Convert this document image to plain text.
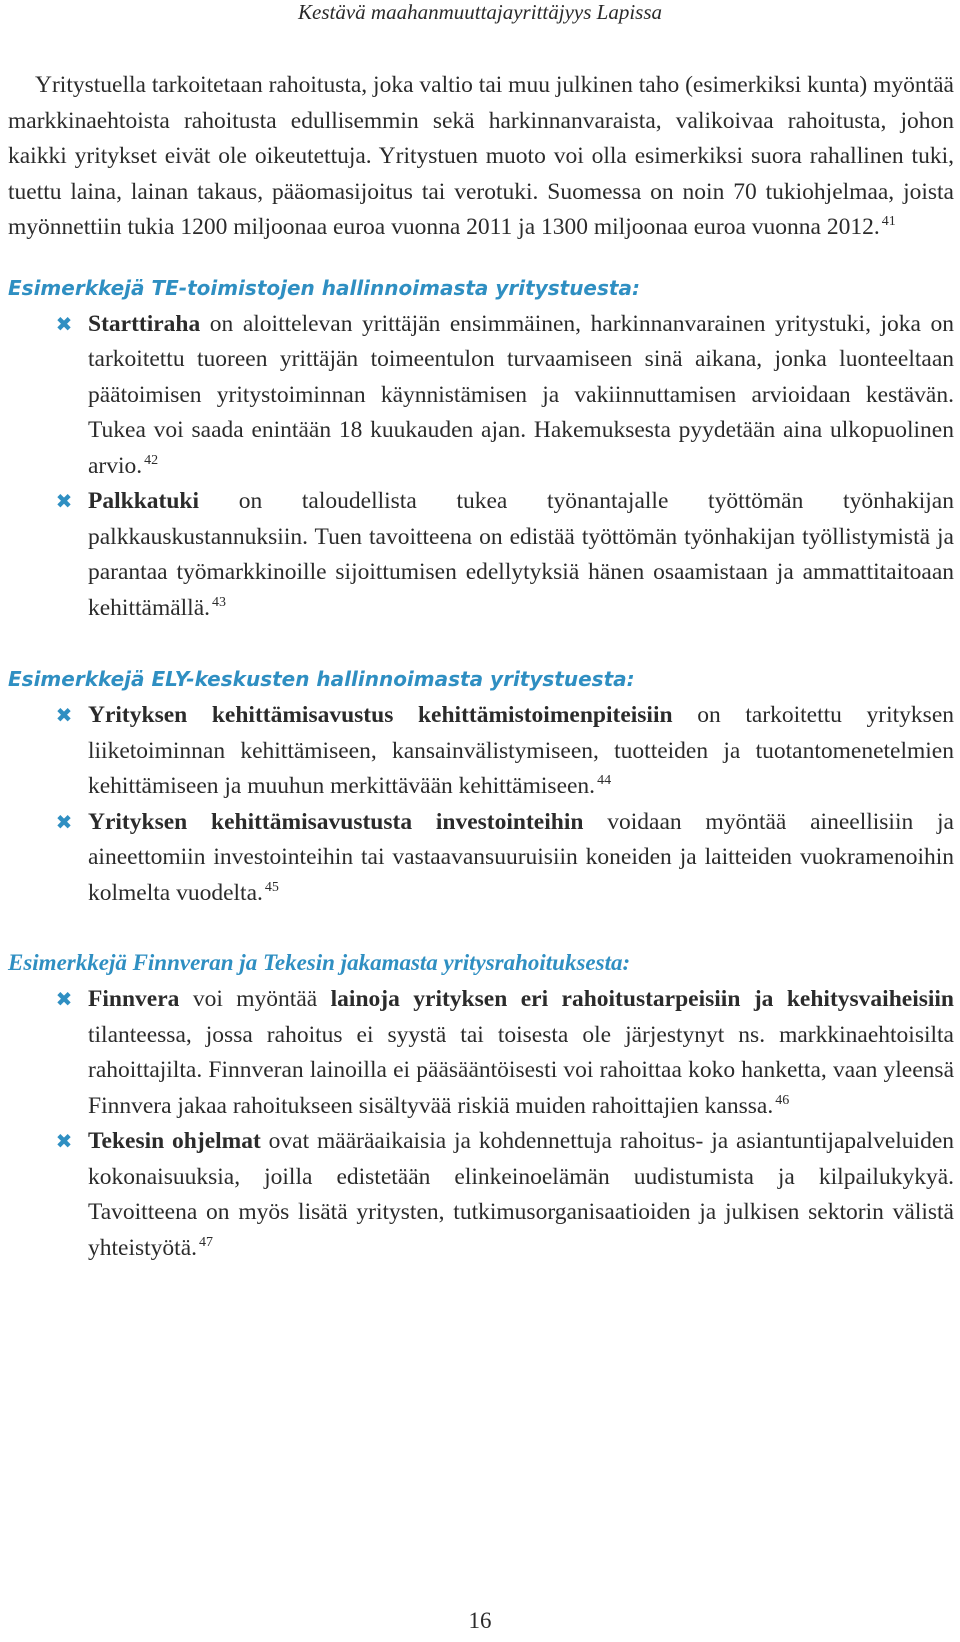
Kestävä maahanmuuttajayrittäjyys Lapissa

Yritystuella tarkoitetaan rahoitusta, joka valtio tai muu julkinen taho (esimerkiksi kunta) myöntää markkinaehtoista rahoitusta edullisemmin sekä harkinnanvaraista, valikoivaa rahoitusta, johon kaikki yritykset eivät ole oikeutettuja. Yritystuen muoto voi olla esimerkiksi suora rahallinen tuki, tuettu laina, lainan takaus, pääomasijoitus tai verotuki. Suomessa on noin 70 tukiohjelmaa, joista myönnettiin tukia 1200 miljoonaa euroa vuonna 2011 ja 1300 miljoonaa euroa vuonna 2012. $^{41}$

Esimerkkejä TE-toimistojen hallinnoimasta yritystuesta:
✖ Starttiraha on aloittelevan yrittäjän ensimmäinen, harkinnanvarainen yritystuki, joka on tarkoitettu tuoreen yrittäjän toimeentulon turvaamiseen sinä aikana, jonka luonteeltaan päätoimisen yritystoiminnan käynnistämisen ja vakiinnuttamisen arvioidaan kestävän. Tukea voi saada enintään 18 kuukauden ajan. Hakemuksesta pyydetään aina ulkopuolinen arvio. $^{42}$
✖ Palkkatuki on taloudellista tukea työnantajalle työttömän työnhakijan palkkauskustannuksiin. Tuen tavoitteena on edistää työttömän työnhakijan työllistymistä ja parantaa työmarkkinoille sijoittumisen edellytyksiä hänen osaamistaan ja ammattitaitoaan kehittämällä. $^{43}$
Esimerkkejä ELY-keskusten hallinnoimasta yritystuesta:
✖ Yrityksen kehittämisavustus kehittämistoimenpiteisiin on tarkoitettu yrityksen liiketoiminnan kehittämiseen, kansainvälistymiseen, tuotteiden ja tuotantomenetelmien kehittämiseen ja muuhun merkittävään kehittämiseen. $^{44}$
✖ Yrityksen kehittämisavustusta investointeihin voidaan myöntää aineellisiin ja aineettomiin investointeihin tai vastaavansuuruisiin koneiden ja laitteiden vuokramenoihin kolmelta vuodelta. $^{45}$
Esimerkkejä Finnveran ja Tekesin jakamasta yritysrahoituksesta:
✖ Finnvera voi myöntää lainoja yrityksen eri rahoitustarpeisiin ja kehitysvaiheisiin tilanteessa, jossa rahoitus ei syystä tai toisesta ole järjestynyt ns. markkinaehtoisilta rahoittajilta. Finnveran lainoilla ei pääsääntöisesti voi rahoittaa koko hanketta, vaan yleensä Finnvera jakaa rahoitukseen sisältyvää riskiä muiden rahoittajien kanssa. $^{46}$
✖ Tekesin ohjelmat ovat määräaikaisia ja kohdennettuja rahoitus- ja asiantuntijapalveluiden kokonaisuuksia, joilla edistetään elinkeinoelämän uudistumista ja kilpailukykyä. Tavoitteena on myös lisätä yritysten, tutkimusorganisaatioiden ja julkisen sektorin välistä yhteistyötä. $^{47}$
16
